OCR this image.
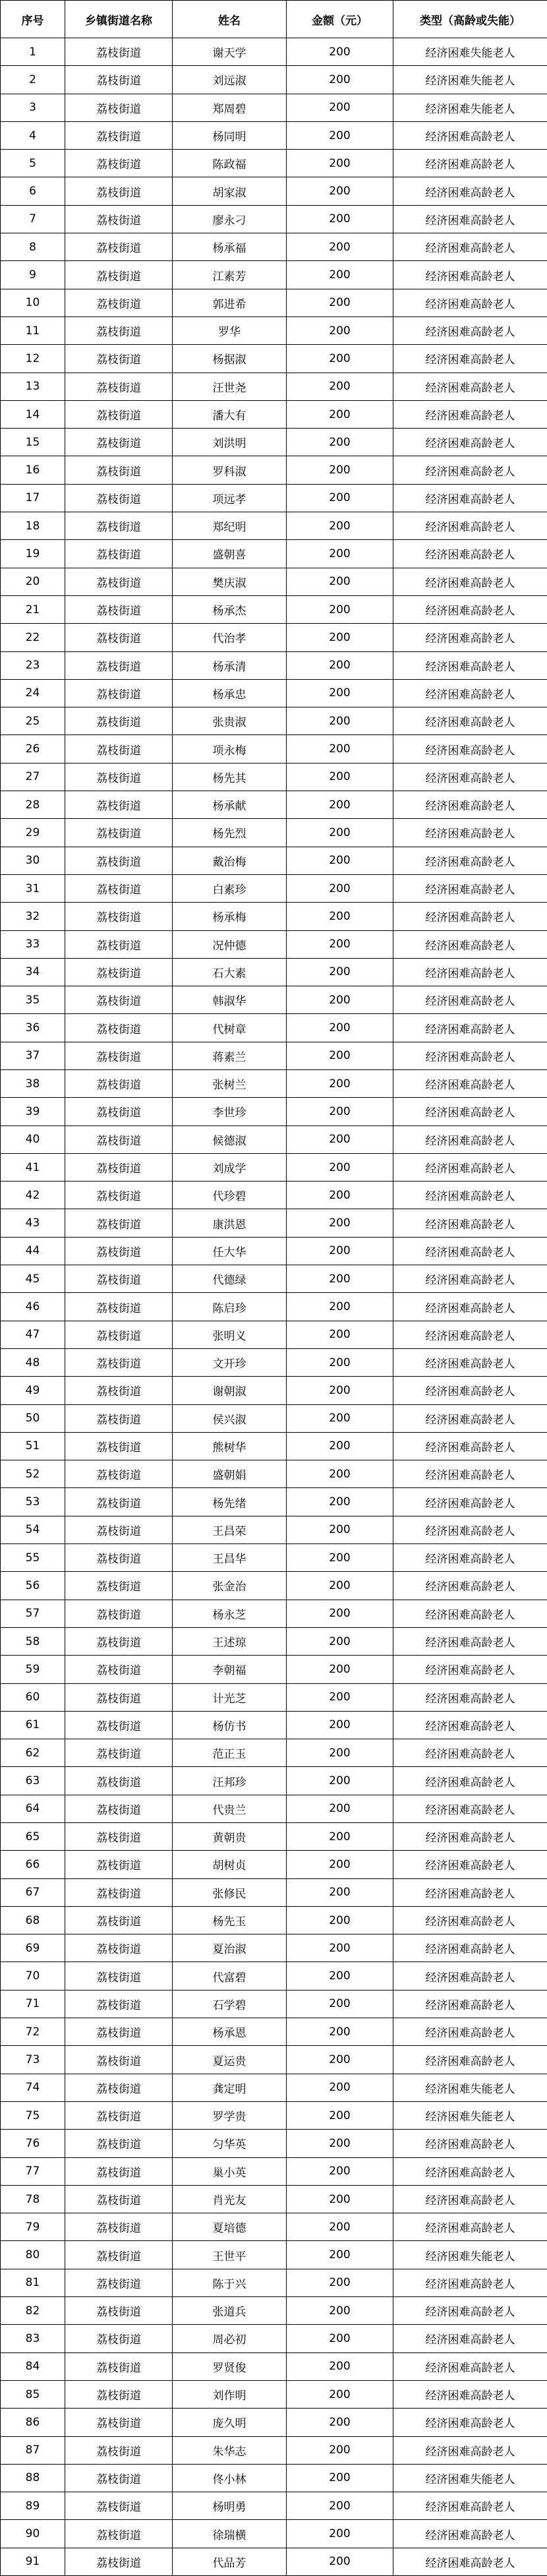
序号	乡镇街道名称	姓名	金额（元）	类型（高龄或失能）
1	荔枝街道	谢天学	200	经济困难失能老人
2	荔枝街道	刘远淑	200	经济困难失能老人
3	荔枝街道	郑周碧	200	经济困难失能老人
4	荔枝街道	杨同明	200	经济困难高龄老人
5	荔枝街道	陈政福	200	经济困难高龄老人
6	荔枝街道	胡家淑	200	经济困难高龄老人
7	荔枝街道	廖永刁	200	经济困难高龄老人
8	荔枝街道	杨承福	200	经济困难高龄老人
9	荔枝街道	江素芳	200	经济困难高龄老人
10	荔枝街道	郭进希	200	经济困难高龄老人
11	荔枝街道	罗华	200	经济困难高龄老人
12	荔枝街道	杨据淑	200	经济困难高龄老人
13	荔枝街道	汪世尧	200	经济困难高龄老人
14	荔枝街道	潘大有	200	经济困难高龄老人
15	荔枝街道	刘洪明	200	经济困难高龄老人
16	荔枝街道	罗科淑	200	经济困难高龄老人
17	荔枝街道	项远孝	200	经济困难高龄老人
18	荔枝街道	郑纪明	200	经济困难高龄老人
19	荔枝街道	盛朝喜	200	经济困难高龄老人
20	荔枝街道	樊庆淑	200	经济困难高龄老人
21	荔枝街道	杨承杰	200	经济困难高龄老人
22	荔枝街道	代治孝	200	经济困难高龄老人
23	荔枝街道	杨承清	200	经济困难高龄老人
24	荔枝街道	杨承忠	200	经济困难高龄老人
25	荔枝街道	张贵淑	200	经济困难高龄老人
26	荔枝街道	项永梅	200	经济困难高龄老人
27	荔枝街道	杨先其	200	经济困难高龄老人
28	荔枝街道	杨承献	200	经济困难高龄老人
29	荔枝街道	杨先烈	200	经济困难高龄老人
30	荔枝街道	戴治梅	200	经济困难高龄老人
31	荔枝街道	白素珍	200	经济困难高龄老人
32	荔枝街道	杨承梅	200	经济困难高龄老人
33	荔枝街道	况仲德	200	经济困难高龄老人
34	荔枝街道	石大素	200	经济困难高龄老人
35	荔枝街道	韩淑华	200	经济困难高龄老人
36	荔枝街道	代树章	200	经济困难高龄老人
37	荔枝街道	蒋素兰	200	经济困难高龄老人
38	荔枝街道	张树兰	200	经济困难高龄老人
39	荔枝街道	李世珍	200	经济困难高龄老人
40	荔枝街道	候德淑	200	经济困难高龄老人
41	荔枝街道	刘成学	200	经济困难高龄老人
42	荔枝街道	代珍碧	200	经济困难高龄老人
43	荔枝街道	康洪恩	200	经济困难高龄老人
44	荔枝街道	任大华	200	经济困难高龄老人
45	荔枝街道	代德绿	200	经济困难高龄老人
46	荔枝街道	陈启珍	200	经济困难高龄老人
47	荔枝街道	张明义	200	经济困难高龄老人
48	荔枝街道	文开珍	200	经济困难高龄老人
49	荔枝街道	谢朝淑	200	经济困难高龄老人
50	荔枝街道	侯兴淑	200	经济困难高龄老人
51	荔枝街道	熊树华	200	经济困难高龄老人
52	荔枝街道	盛朝娟	200	经济困难高龄老人
53	荔枝街道	杨先绪	200	经济困难高龄老人
54	荔枝街道	王昌荣	200	经济困难高龄老人
55	荔枝街道	王昌华	200	经济困难高龄老人
56	荔枝街道	张金治	200	经济困难高龄老人
57	荔枝街道	杨永芝	200	经济困难高龄老人
58	荔枝街道	王述琼	200	经济困难高龄老人
59	荔枝街道	李朝福	200	经济困难高龄老人
60	荔枝街道	计光芝	200	经济困难高龄老人
61	荔枝街道	杨仿书	200	经济困难高龄老人
62	荔枝街道	范正玉	200	经济困难高龄老人
63	荔枝街道	汪邦珍	200	经济困难高龄老人
64	荔枝街道	代贵兰	200	经济困难高龄老人
65	荔枝街道	黄朝贵	200	经济困难高龄老人
66	荔枝街道	胡树贞	200	经济困难高龄老人
67	荔枝街道	张修民	200	经济困难高龄老人
68	荔枝街道	杨先玉	200	经济困难高龄老人
69	荔枝街道	夏治淑	200	经济困难高龄老人
70	荔枝街道	代富碧	200	经济困难高龄老人
71	荔枝街道	石学碧	200	经济困难高龄老人
72	荔枝街道	杨承恩	200	经济困难高龄老人
73	荔枝街道	夏运贵	200	经济困难高龄老人
74	荔枝街道	龚定明	200	经济困难失能老人
75	荔枝街道	罗学贵	200	经济困难失能老人
76	荔枝街道	匀华英	200	经济困难高龄老人
77	荔枝街道	巢小英	200	经济困难高龄老人
78	荔枝街道	肖光友	200	经济困难高龄老人
79	荔枝街道	夏培德	200	经济困难高龄老人
80	荔枝街道	王世平	200	经济困难失能老人
81	荔枝街道	陈于兴	200	经济困难高龄老人
82	荔枝街道	张道兵	200	经济困难高龄老人
83	荔枝街道	周必初	200	经济困难高龄老人
84	荔枝街道	罗贤俊	200	经济困难高龄老人
85	荔枝街道	刘作明	200	经济困难高龄老人
86	荔枝街道	庞久明	200	经济困难高龄老人
87	荔枝街道	朱华志	200	经济困难高龄老人
88	荔枝街道	佟小林	200	经济困难失能老人
89	荔枝街道	杨明勇	200	经济困难高龄老人
90	荔枝街道	徐瑞横	200	经济困难高龄老人
91	荔枝街道	代品芳	200	经济困难高龄老人
